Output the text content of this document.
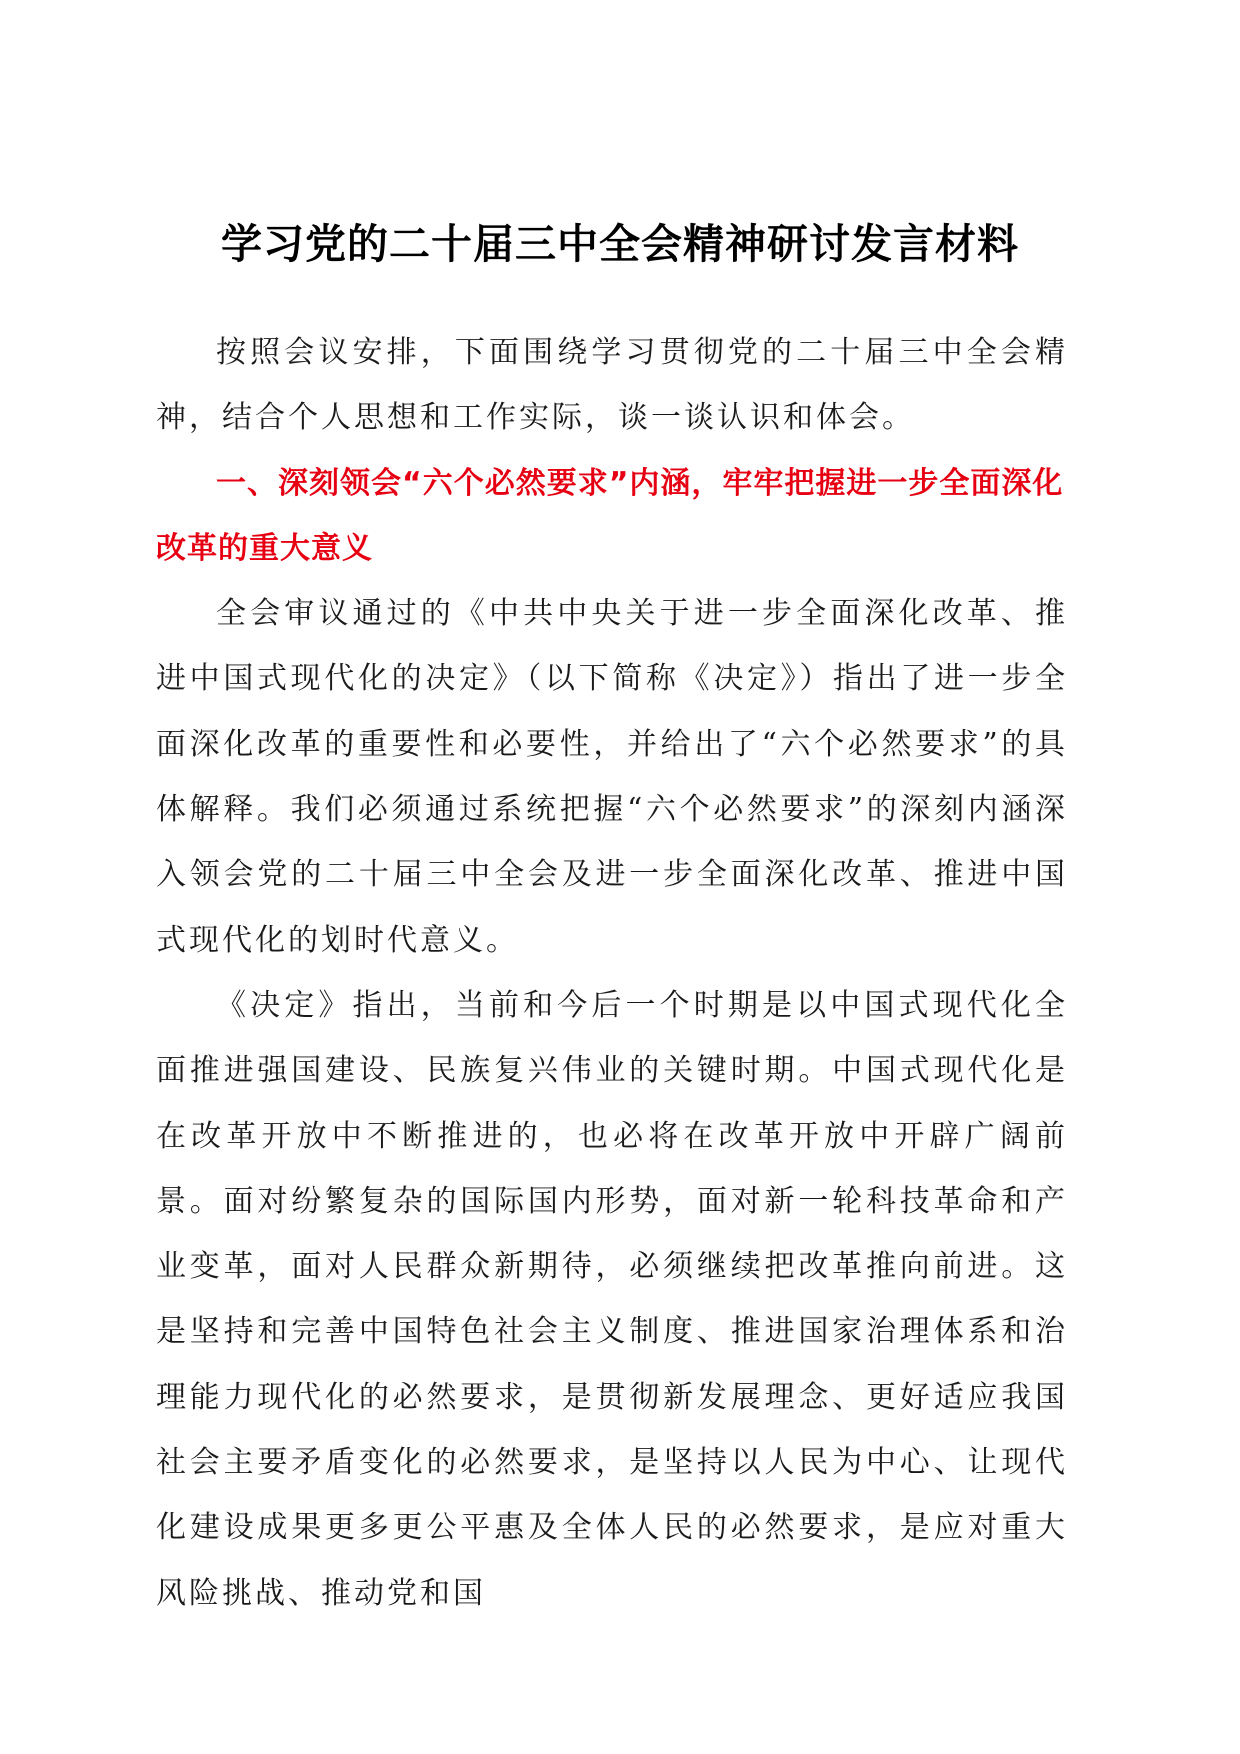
学习党的二十届三中全会精神研讨发言材料

按照会议安排，下面围绕学习贯彻党的二十届三中全会精神，结合个人思想和工作实际，谈一谈认识和体会。

一、深刻领会“六个必然要求”内涵，牢牢把握进一步全面深化改革的重大意义

全会审议通过的《中共中央关于进一步全面深化改革、推进中国式现代化的决定》（以下简称《决定》）指出了进一步全面深化改革的重要性和必要性，并给出了“六个必然要求”的具体解释。我们必须通过系统把握“六个必然要求”的深刻内涵深入领会党的二十届三中全会及进一步全面深化改革、推进中国式现代化的划时代意义。

《决定》指出，当前和今后一个时期是以中国式现代化全面推进强国建设、民族复兴伟业的关键时期。中国式现代化是在改革开放中不断推进的，也必将在改革开放中开辟广阔前景。面对纷繁复杂的国际国内形势，面对新一轮科技革命和产业变革，面对人民群众新期待，必须继续把改革推向前进。这是坚持和完善中国特色社会主义制度、推进国家治理体系和治理能力现代化的必然要求，是贯彻新发展理念、更好适应我国社会主要矛盾变化的必然要求，是坚持以人民为中心、让现代化建设成果更多更公平惠及全体人民的必然要求，是应对重大风险挑战、推动党和国
